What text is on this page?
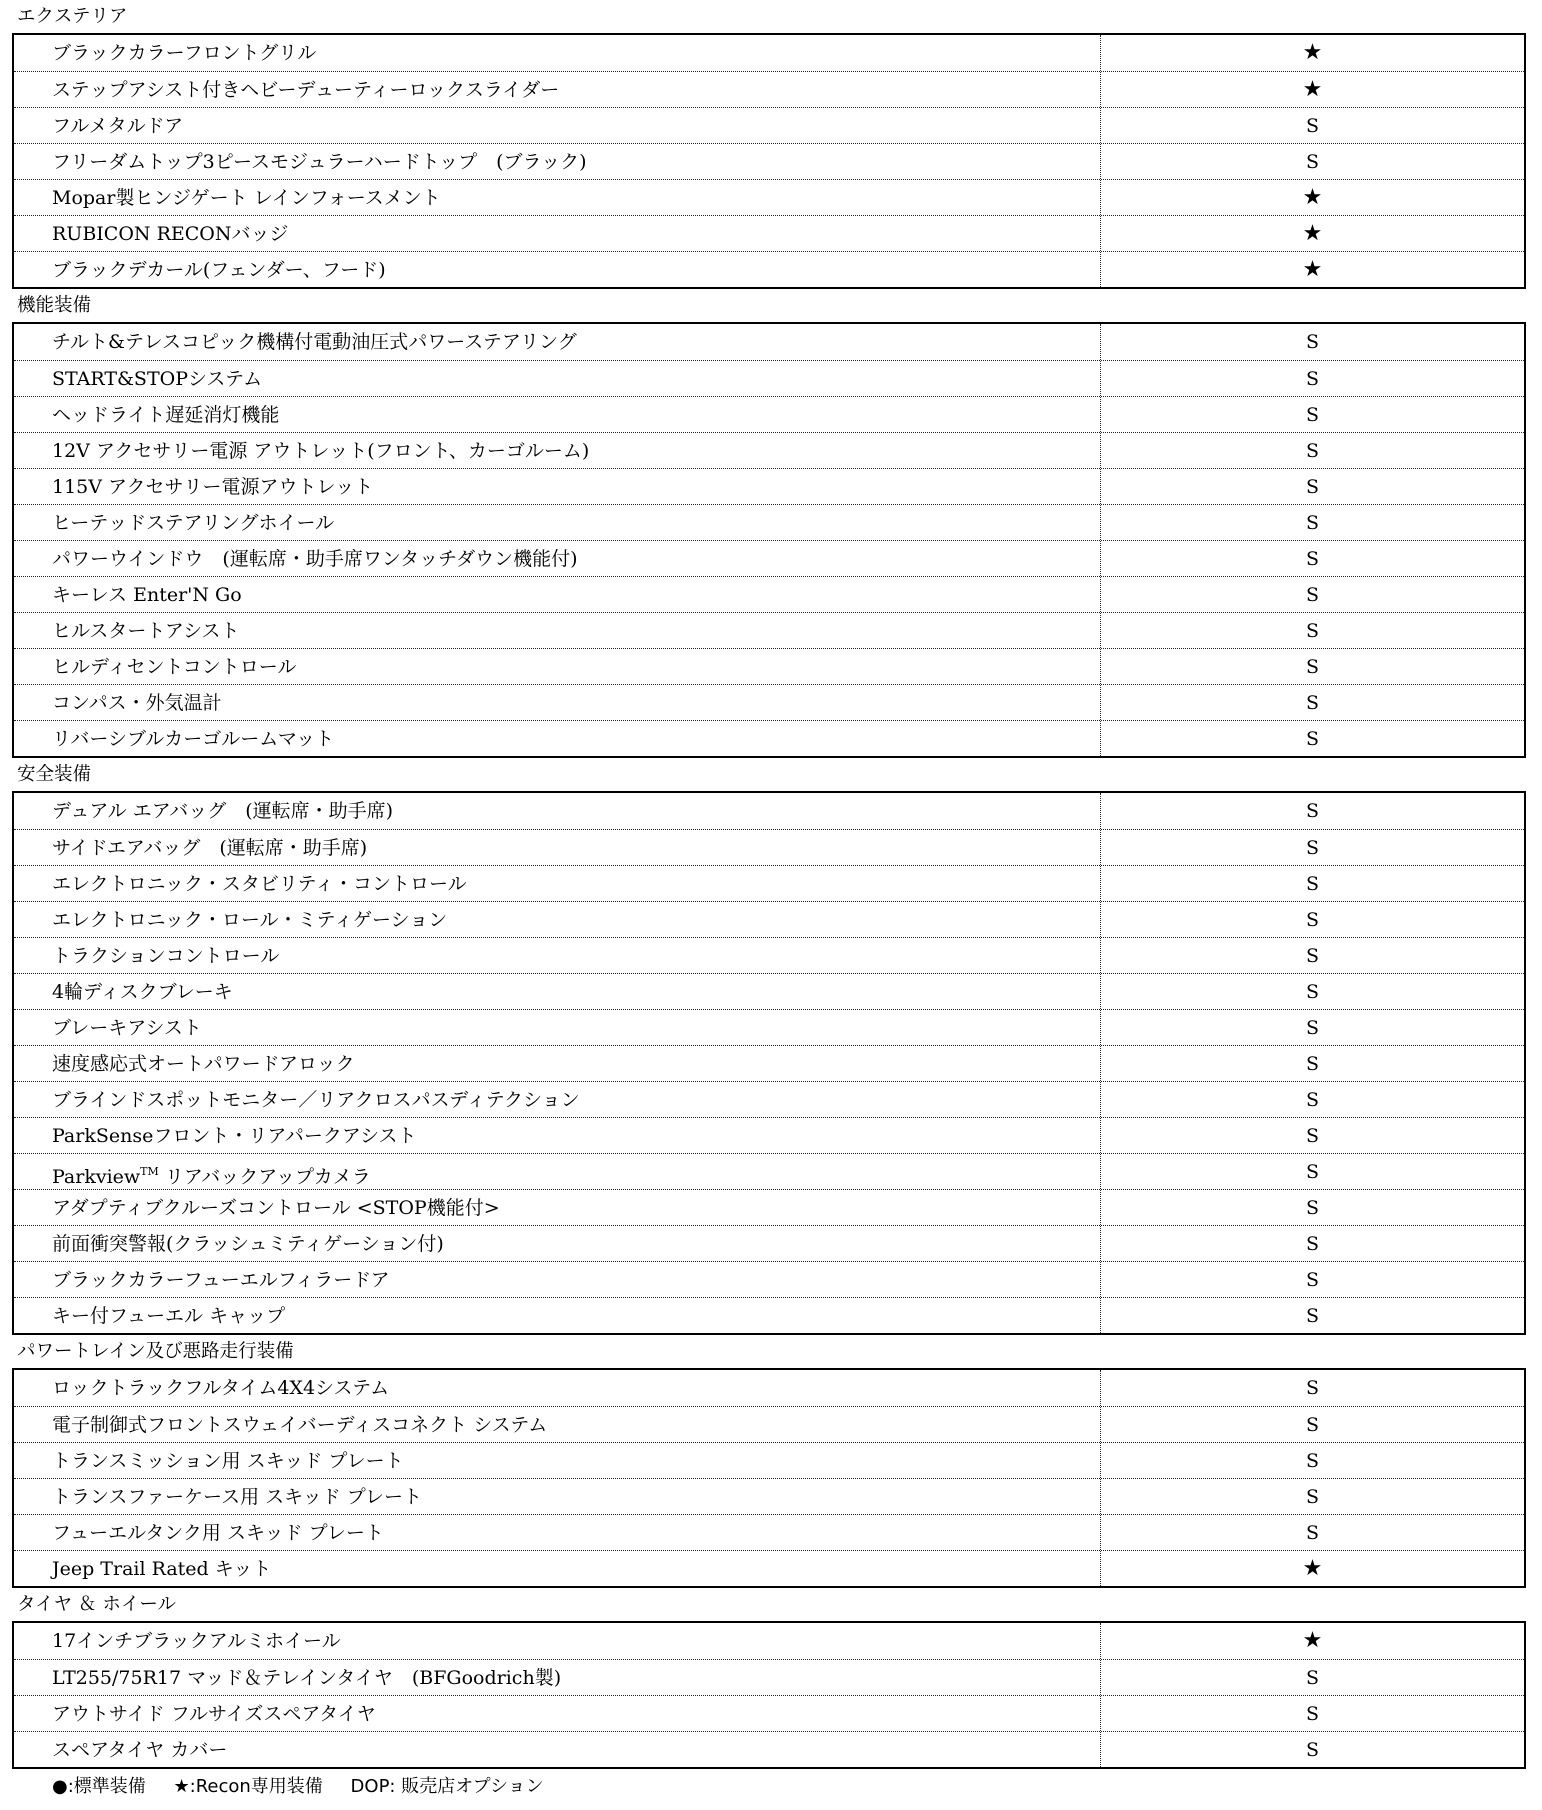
エクステリア
ブラックカラーフロントグリル	★
ステップアシスト付きヘビーデューティーロックスライダー	★
フルメタルドア	S
フリーダムトップ3ピースモジュラーハードトップ　(ブラック)	S
Mopar製ヒンジゲート レインフォースメント	★
RUBICON RECONバッジ	★
ブラックデカール(フェンダー、フード)	★
機能装備
チルト&テレスコピック機構付電動油圧式パワーステアリング	S
START&STOPシステム	S
ヘッドライト遅延消灯機能	S
12V アクセサリー電源 アウトレット(フロント、カーゴルーム)	S
115V アクセサリー電源アウトレット	S
ヒーテッドステアリングホイール	S
パワーウインドウ　(運転席・助手席ワンタッチダウン機能付)	S
キーレス Enter'N Go	S
ヒルスタートアシスト	S
ヒルディセントコントロール	S
コンパス・外気温計	S
リバーシブルカーゴルームマット	S
安全装備
デュアル エアバッグ　(運転席・助手席)	S
サイドエアバッグ　(運転席・助手席)	S
エレクトロニック・スタビリティ・コントロール	S
エレクトロニック・ロール・ミティゲーション	S
トラクションコントロール	S
4輪ディスクブレーキ	S
ブレーキアシスト	S
速度感応式オートパワードアロック	S
ブラインドスポットモニター／リアクロスパスディテクション	S
ParkSenseフロント・リアパークアシスト	S
Parkview™ リアバックアップカメラ	S
アダプティブクルーズコントロール <STOP機能付>	S
前面衝突警報(クラッシュミティゲーション付)	S
ブラックカラーフューエルフィラードア	S
キー付フューエル キャップ	S
パワートレイン及び悪路走行装備
ロックトラックフルタイム4X4システム	S
電子制御式フロントスウェイバーディスコネクト システム	S
トランスミッション用 スキッド プレート	S
トランスファーケース用 スキッド プレート	S
フューエルタンク用 スキッド プレート	S
Jeep Trail Rated キット	★
タイヤ ＆ ホイール
17インチブラックアルミホイール	★
LT255/75R17 マッド＆テレインタイヤ　(BFGoodrich製)	S
アウトサイド フルサイズスペアタイヤ	S
スペアタイヤ カバー	S
●:標準装備 ★:Recon専用装備 DOP: 販売店オプション
